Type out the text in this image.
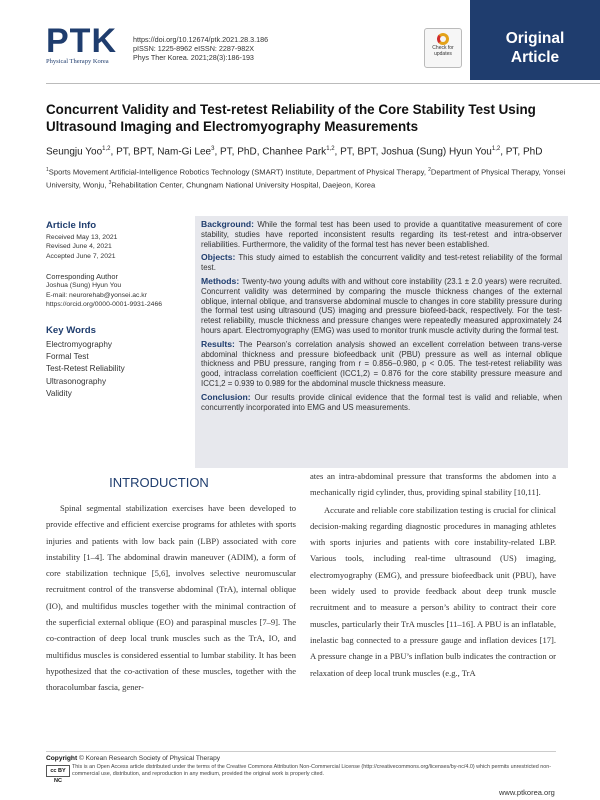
PTK
Physical Therapy Korea
https://doi.org/10.12674/ptk.2021.28.3.186
pISSN: 1225-8962 eISSN: 2287-982X
Phys Ther Korea. 2021;28(3):186-193
Check for updates
Original
Article
Concurrent Validity and Test-retest Reliability of the Core Stability Test Using Ultrasound Imaging and Electromyography Measurements
Seungju Yoo$^{1,2}$, PT, BPT, Nam-Gi Lee$^3$, PT, PhD, Chanhee Park$^{1,2}$, PT, BPT, Joshua (Sung) Hyun You$^{1,2}$, PT, PhD
$^1$Sports Movement Artificial-Intelligence Robotics Technology (SMART) Institute, Department of Physical Therapy, $^2$Department of Physical Therapy, Yonsei University, Wonju, $^3$Rehabilitation Center, Chungnam National University Hospital, Daejeon, Korea
Article Info
Received May 13, 2021
Revised June 4, 2021
Accepted June 7, 2021
Corresponding Author
Joshua (Sung) Hyun You
E-mail: neurorehab@yonsei.ac.kr
https://orcid.org/0000-0001-9931-2466
Key Words
Electromyography
Formal Test
Test-Retest Reliability
Ultrasonography
Validity

Background: While the formal test has been used to provide a quantitative measurement of core stability, studies have reported inconsistent results regarding its test-retest and intra-observer reliabilities. Furthermore, the validity of the formal test has never been established.

Objects: This study aimed to establish the concurrent validity and test-retest reliability of the formal test.

Methods: Twenty-two young adults with and without core instability (23.1 ± 2.0 years) were recruited. Concurrent validity was determined by comparing the muscle thickness changes of the external oblique, internal oblique, and transverse abdominal muscle to changes in core stability pressure during the formal test using ultrasound (US) imaging and pressure biofeed-back, respectively. For the test-retest reliability, muscle thickness and pressure changes were repeatedly measured approximately 24 hours apart. Electromyography (EMG) was used to monitor trunk muscle activity during the formal test.

Results: The Pearson’s correlation analysis showed an excellent correlation between trans-verse abdominal thickness and pressure biofeedback unit (PBU) pressure as well as internal oblique thickness and PBU pressure, ranging from r = 0.856–0.980, p < 0.05. The test-retest reliability was good, intraclass correlation coefficient (ICC1,2) = 0.876 for the core stability pressure measure and ICC1,2 = 0.939 to 0.989 for the abdominal muscle thickness measure.

Conclusion: Our results provide clinical evidence that the formal test is valid and reliable, when concurrently incorporated into EMG and US measurements.

INTRODUCTION

Spinal segmental stabilization exercises have been developed to provide effective and efficient exercise programs for athletes with sports injuries and patients with low back pain (LBP) associated with core instability [1–4]. The abdominal drawin maneuver (ADIM), a form of core stabilization technique [5,6], involves selective neuromuscular recruitment control of the transverse abdominal (TrA), internal oblique (IO), and multifidus muscles together with the minimal contraction of the superficial external oblique (EO) and paraspinal muscles [7–9]. The co-contraction of deep local trunk muscles such as the TrA, IO, and multifidus muscles is considered essential to lumbar stability. It has been hypothesized that the co-activation of these muscles, together with the thoracolumbar fascia, gener-

ates an intra-abdominal pressure that transforms the abdomen into a mechanically rigid cylinder, thus, providing spinal stability [10,11].

Accurate and reliable core stabilization testing is crucial for clinical decision-making regarding diagnostic procedures in managing athletes with sports injuries and patients with core instability-related LBP. Various tools, including real-time ultrasound (US) imaging, electromyography (EMG), and pressure biofeedback unit (PBU), have been widely used to provide feedback about deep trunk muscle recruitment and to measure a person’s ability to contract their core muscles, particularly their TrA muscles [11–16]. A PBU is an inflatable, inelastic bag connected to a pressure gauge and inflation devices [17]. A pressure change in a PBU’s inflation bulb indicates the contraction or relaxation of deep local trunk muscles (e.g., TrA

Copyright © Korean Research Society of Physical Therapy
cc BY NC
This is an Open Access article distributed under the terms of the Creative Commons Attribution Non-Commercial License (http://creativecommons.org/licenses/by-nc/4.0) which permits unrestricted non-commercial use, distribution, and reproduction in any medium, provided the original work is properly cited.
www.ptkorea.org
